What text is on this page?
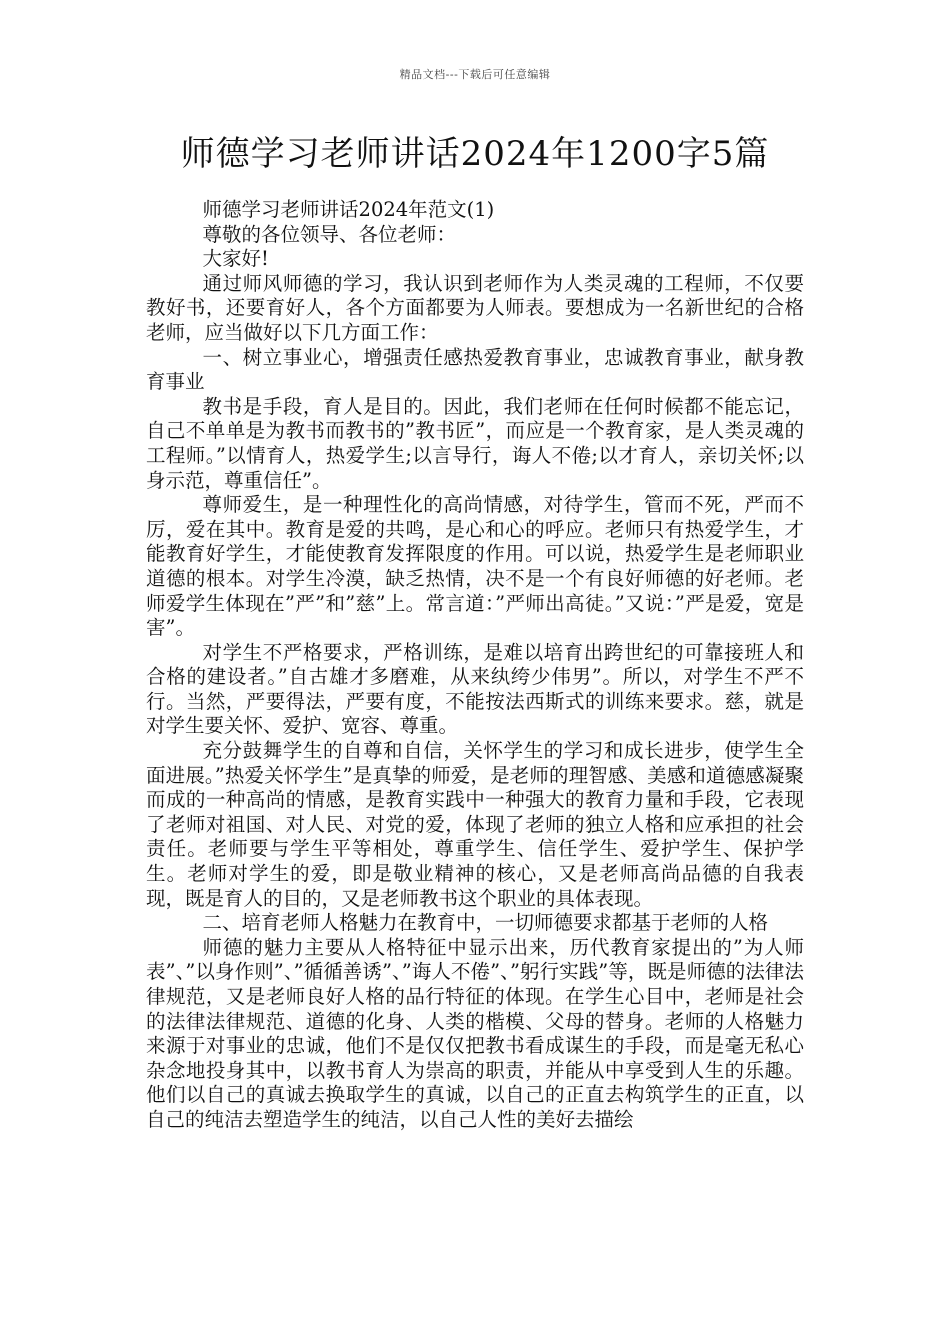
精品文档---下载后可任意编辑
师德学习老师讲话2024年1200字5篇

师德学习老师讲话2024年范文(1)

尊敬的各位领导、各位老师：

大家好!

通过师风师德的学习，我认识到老师作为人类灵魂的工程师，不仅要教好书，还要育好人，各个方面都要为人师表。要想成为一名新世纪的合格老师，应当做好以下几方面工作：

一、树立事业心，增强责任感热爱教育事业，忠诚教育事业，献身教育事业

教书是手段，育人是目的。因此，我们老师在任何时候都不能忘记，自己不单单是为教书而教书的”教书匠”，而应是一个教育家，是人类灵魂的工程师。”以情育人，热爱学生;以言导行，诲人不倦;以才育人，亲切关怀;以身示范，尊重信任”。

尊师爱生，是一种理性化的高尚情感，对待学生，管而不死，严而不厉，爱在其中。教育是爱的共鸣，是心和心的呼应。老师只有热爱学生，才能教育好学生，才能使教育发挥限度的作用。可以说，热爱学生是老师职业道德的根本。对学生冷漠，缺乏热情，决不是一个有良好师德的好老师。老师爱学生体现在”严”和”慈”上。常言道：”严师出高徒。”又说：”严是爱，宽是害”。

对学生不严格要求，严格训练，是难以培育出跨世纪的可靠接班人和合格的建设者。”自古雄才多磨难，从来纨绔少伟男”。所以，对学生不严不行。当然，严要得法，严要有度，不能按法西斯式的训练来要求。慈，就是对学生要关怀、爱护、宽容、尊重。

充分鼓舞学生的自尊和自信，关怀学生的学习和成长进步，使学生全面进展。”热爱关怀学生”是真挚的师爱，是老师的理智感、美感和道德感凝聚而成的一种高尚的情感，是教育实践中一种强大的教育力量和手段，它表现了老师对祖国、对人民、对党的爱，体现了老师的独立人格和应承担的社会责任。老师要与学生平等相处，尊重学生、信任学生、爱护学生、保护学生。老师对学生的爱，即是敬业精神的核心，又是老师高尚品德的自我表现，既是育人的目的，又是老师教书这个职业的具体表现。

二、培育老师人格魅力在教育中，一切师德要求都基于老师的人格

师德的魅力主要从人格特征中显示出来，历代教育家提出的”为人师表”、”以身作则”、”循循善诱”、”诲人不倦”、”躬行实践”等，既是师德的法律法律规范，又是老师良好人格的品行特征的体现。在学生心目中，老师是社会的法律法律规范、道德的化身、人类的楷模、父母的替身。老师的人格魅力来源于对事业的忠诚，他们不是仅仅把教书看成谋生的手段，而是毫无私心杂念地投身其中，以教书育人为崇高的职责，并能从中享受到人生的乐趣。他们以自己的真诚去换取学生的真诚，以自己的正直去构筑学生的正直，以自己的纯洁去塑造学生的纯洁，以自己人性的美好去描绘
